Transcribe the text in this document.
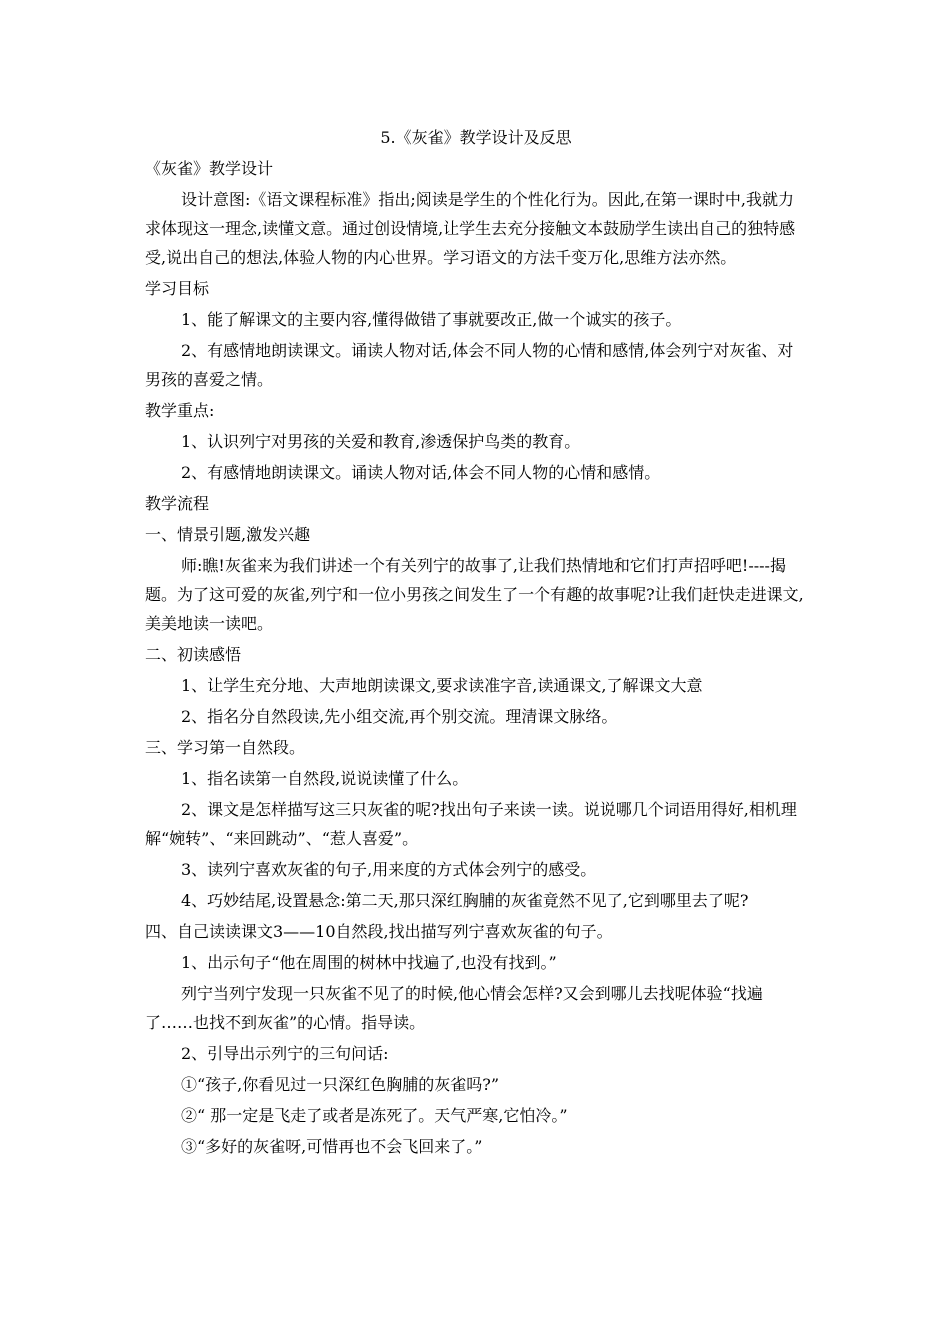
5.《灰雀》教学设计及反思
《灰雀》教学设计
设计意图:《语文课程标准》指出;阅读是学生的个性化行为。因此,在第一课时中,我就力求体现这一理念,读懂文意。通过创设情境,让学生去充分接触文本鼓励学生读出自己的独特感受,说出自己的想法,体验人物的内心世界。学习语文的方法千变万化,思维方法亦然。
学习目标
1、能了解课文的主要内容,懂得做错了事就要改正,做一个诚实的孩子。
2、有感情地朗读课文。诵读人物对话,体会不同人物的心情和感情,体会列宁对灰雀、对男孩的喜爱之情。
教学重点:
1、认识列宁对男孩的关爱和教育,渗透保护鸟类的教育。
2、有感情地朗读课文。诵读人物对话,体会不同人物的心情和感情。
教学流程
一、情景引题,激发兴趣
师:瞧!灰雀来为我们讲述一个有关列宁的故事了,让我们热情地和它们打声招呼吧!----揭题。为了这可爱的灰雀,列宁和一位小男孩之间发生了一个有趣的故事呢?让我们赶快走进课文,美美地读一读吧。
二、初读感悟
1、让学生充分地、大声地朗读课文,要求读准字音,读通课文,了解课文大意
2、指名分自然段读,先小组交流,再个别交流。理清课文脉络。
三、学习第一自然段。
1、指名读第一自然段,说说读懂了什么。
2、课文是怎样描写这三只灰雀的呢?找出句子来读一读。说说哪几个词语用得好,相机理解“婉转”、“来回跳动”、“惹人喜爱”。
3、读列宁喜欢灰雀的句子,用来度的方式体会列宁的感受。
4、巧妙结尾,设置悬念:第二天,那只深红胸脯的灰雀竟然不见了,它到哪里去了呢?
四、自己读读课文3——10自然段,找出描写列宁喜欢灰雀的句子。
1、出示句子“他在周围的树林中找遍了,也没有找到。”
列宁当列宁发现一只灰雀不见了的时候,他心情会怎样?又会到哪儿去找呢体验“找遍了……也找不到灰雀”的心情。指导读。
2、引导出示列宁的三句问话:
①“孩子,你看见过一只深红色胸脯的灰雀吗?”
②“ 那一定是飞走了或者是冻死了。天气严寒,它怕冷。”
③“多好的灰雀呀,可惜再也不会飞回来了。”
